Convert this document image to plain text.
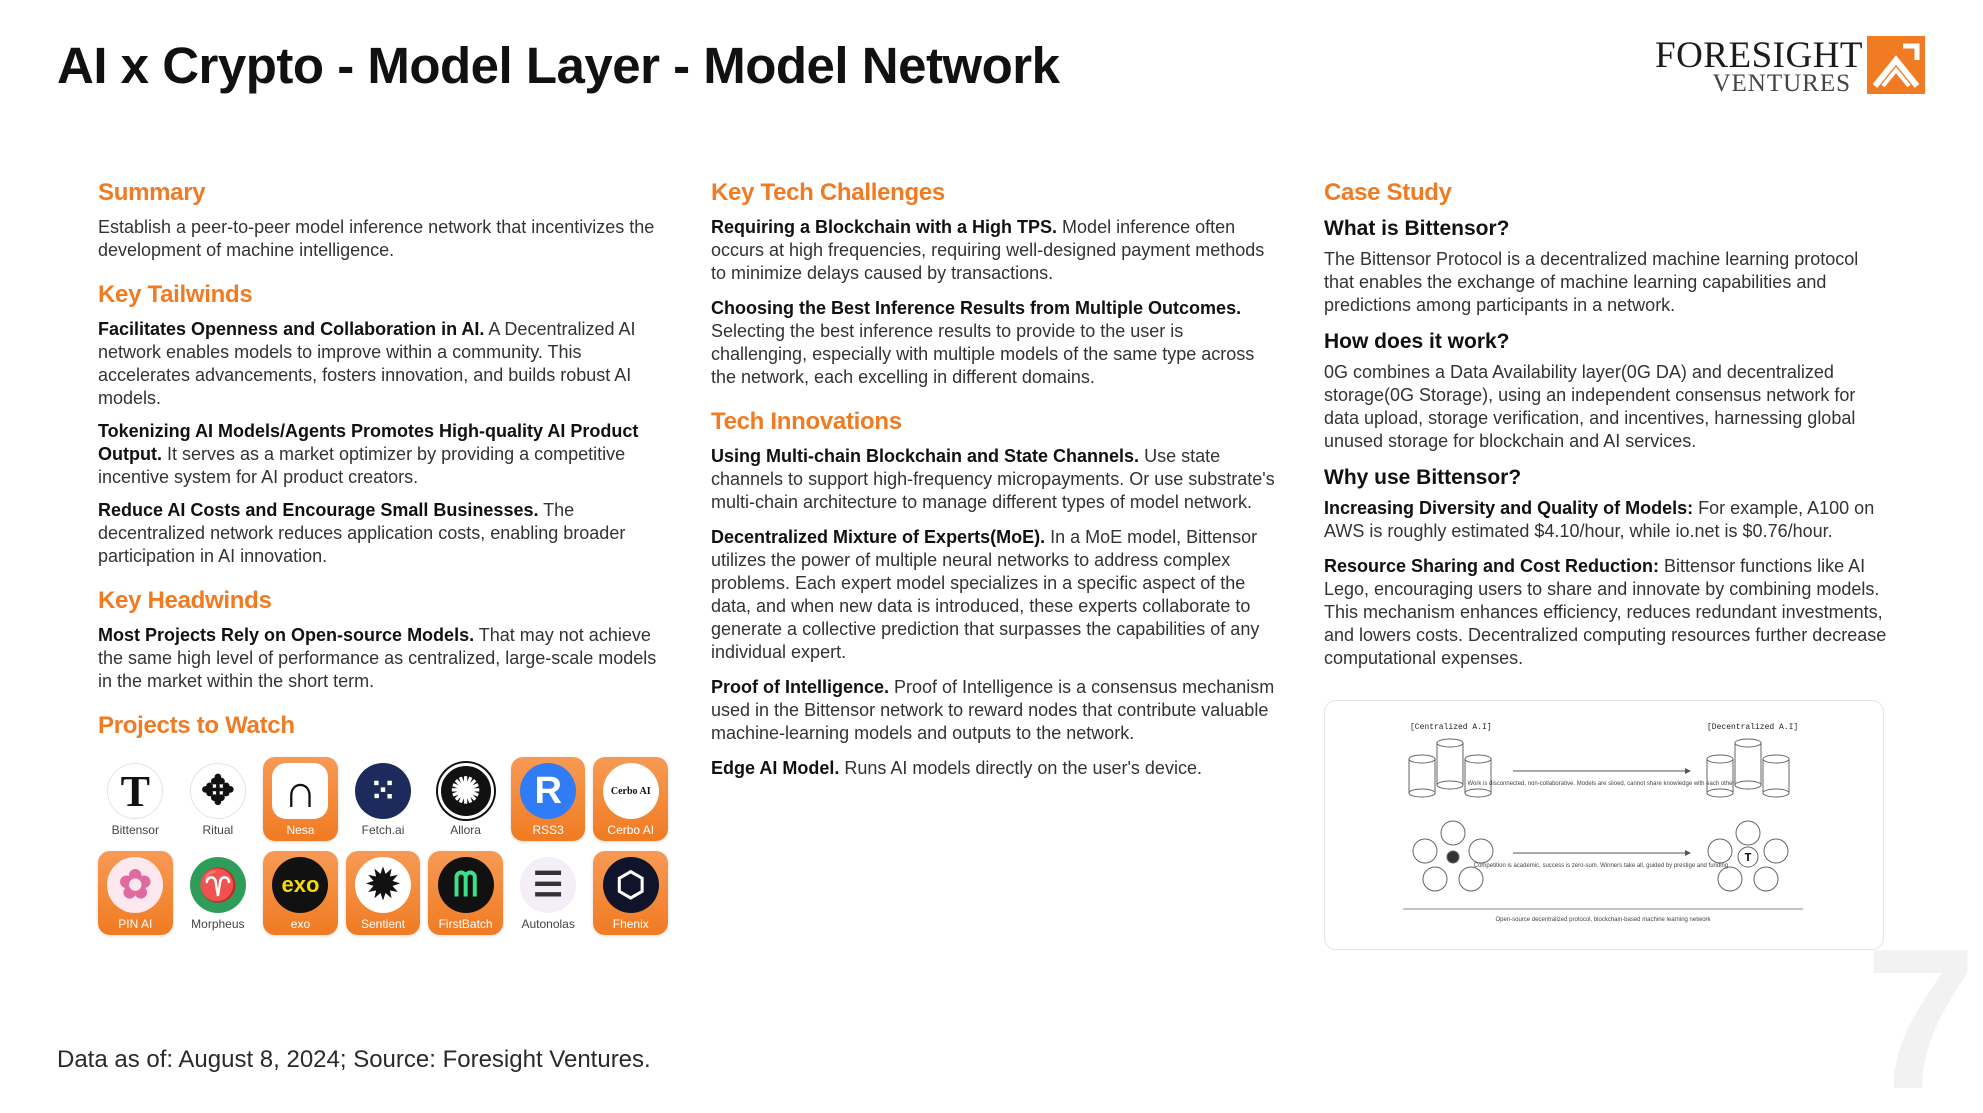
AI x Crypto - Model Layer - Model Network	FORESIGHT
VENTURES
Summary
Establish a peer-to-peer model inference network that incentivizes the development of machine intelligence.
Key Tailwinds
Facilitates Openness and Collaboration in AI. A Decentralized AI network enables models to improve within a community. This accelerates advancements, fosters innovation, and builds robust AI models.
Tokenizing AI Models/Agents Promotes High-quality AI Product Output. It serves as a market optimizer by providing a competitive incentive system for AI product creators.
Reduce AI Costs and Encourage Small Businesses. The decentralized network reduces application costs, enabling broader participation in AI innovation.
Key Headwinds
Most Projects Rely on Open-source Models. That may not achieve the same high level of performance as centralized, large-scale models in the market within the short term.
Projects to Watch
T
Bittensor
✥
Ritual
∩
Nesa
⁙
Fetch.ai
✺
Allora
R
RSS3
Cerbo AI
Cerbo AI
✿
PIN AI
♈
Morpheus
exo
exo
✹
Sentient
ᗰ
FirstBatch
☰
Autonolas
⬡
Fhenix
Key Tech Challenges
Requiring a Blockchain with a High TPS. Model inference often occurs at high frequencies, requiring well-designed payment methods to minimize delays caused by transactions.
Choosing the Best Inference Results from Multiple Outcomes. Selecting the best inference results to provide to the user is challenging, especially with multiple models of the same type across the network, each excelling in different domains.
Tech Innovations
Using Multi-chain Blockchain and State Channels. Use state channels to support high-frequency micropayments. Or use substrate's multi-chain architecture to manage different types of model network.
Decentralized Mixture of Experts(MoE). In a MoE model, Bittensor utilizes the power of multiple neural networks to address complex problems. Each expert model specializes in a specific aspect of the data, and when new data is introduced, these experts collaborate to generate a collective prediction that surpasses the capabilities of any individual expert.
Proof of Intelligence. Proof of Intelligence is a consensus mechanism used in the Bittensor network to reward nodes that contribute valuable machine-learning models and outputs to the network.
Edge AI Model. Runs AI models directly on the user's device.
Case Study
What is Bittensor?
The Bittensor Protocol is a decentralized machine learning protocol that enables the exchange of machine learning capabilities and predictions among participants in a network.
How does it work?
0G combines a Data Availability layer(0G DA) and decentralized storage(0G Storage), using an independent consensus network for data upload, storage verification, and incentives, harnessing global unused storage for blockchain and AI services.
Why use Bittensor?
Increasing Diversity and Quality of Models: For example, A100 on AWS is roughly estimated $4.10/hour, while io.net is $0.76/hour.
Resource Sharing and Cost Reduction: Bittensor functions like AI Lego, encouraging users to share and innovate by combining models. This mechanism enhances efficiency, reduces redundant investments, and lowers costs. Decentralized computing resources further decrease computational expenses.
[Centralized A.I]	[Decentralized A.I]
Work is disconnected, non-collaborative. Models are siloed, cannot share knowledge with each other
T
Competition is academic, success is zero-sum. Winners take all, guided by prestige and funding
Open-source decentralized protocol, blockchain-based machine learning network
Data as of: August 8, 2024; Source: Foresight Ventures.	7
